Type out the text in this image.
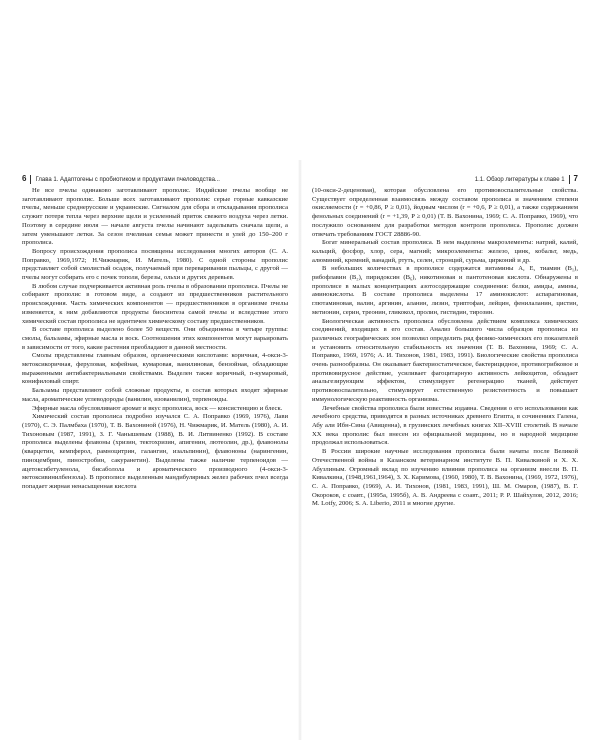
6 Глава 1. Адаптогены с пробиотиком и продуктами пчеловодства...

Не все пчелы одинаково заготавливают прополис. Индийские пчелы вообще не заготавливают прополис. Больше всех заготавливают прополис серые горные кавказские пчелы, меньше среднерусские и украинские. Сигналом для сбора и откладывания прополиса служит потеря тепла через верхние щели и усиленный приток свежего воздуха через летки. Поэтому в середине июля — начале августа пчелы начинают заделывать сначала щели, а затем уменьшают летки. За сезон пчелиная семья может принести в улей до 150–200 г прополиса.

Вопросу происхождения прополиса посвящены исследования многих авторов (С. А. Поправко, 1969,1972; Н.Чижмарик, И. Матель, 1980). С одной стороны прополис представляет собой смолистый осадок, получаемый при переваривании пыльцы, с другой — пчелы могут собирать его с почек тополя, березы, ольхи и других деревьев.

В любом случае подчеркивается активная роль пчелы в образовании прополиса. Пчелы не собирают прополис в готовом виде, а создают из предшественников растительного происхождения. Часть химических компонентов — предшественников в организме пчелы изменяется, к ним добавляются продукты биосинтеза самой пчелы и вследствие этого химический состав прополиса не идентичен химическому составу предшественников.

В составе прополиса выделено более 50 веществ. Они объединены в четыре группы: смолы, бальзамы, эфирные масла и воск. Соотношения этих компонентов могут варьировать в зависимости от того, какие растения преобладают в данной местности.

Смолы представлены главным образом, органическими кислотами: коричная, 4-окси-3-метоксикоричная, феруловая, кофейная, кумаровая, ванилиновая, бензойная, обладающие выраженными антибактериальными свойствами. Выделен также коричный, п-кумаровый, конифиловый спирт.

Бальзамы представляют собой сложные продукты, в состав которых входят эфирные масла, ароматические углеводороды (ванилин, изованилин), терпеноиды.

Эфирные масла обусловливают аромат и вкус прополиса, воск — консистенцию и блеск.

Химический состав прополиса подробно изучался С. А. Поправко (1969, 1976), Лави (1970), С. Э. Палмбаха (1970), Т. В. Вахониной (1976), Н. Чижмарик, И. Матель (1980), А. И. Тихоновым (1987, 1991), З. Г. Чанышевым (1988), В. И. Литвиненко (1992). В составе прополиса выделены флавоны (хризин, тектохризин, апигенин, лютеолин, др.), флавонолы (кварцетин, кемпферол, рамноцитрин, галангин, изальпинин), флавононы (нарингенин, пиноцембрин, пиностробин, сакуранетин). Выделены также наличие терпеноидов — ацетоксибетуленола, бисаболола и ароматического производного (4-окси-3-метоксивинилбензола). В прополисе выделенным мандибулярных желез рабочих пчел всегда попадает жирная ненасыщенная кислота

1.1. Обзор литературы к главе 1 7

(10-окси-2-деценовая), которая обусловлена его противовоспалительные свойства. Существует определенная взаимосвязь между составом прополиса и значением степени окисляемости (r = +0,86, P ≥ 0,01), йодным числом (r = +0,6, P ≥ 0,01), а также содержанием фенольных соединений (r = +1,39, P ≥ 0,01) (Т. В. Вахонина, 1969; С. А. Поправко, 1969), что послужило основанием для разработки методов контроля прополиса. Прополис должен отвечать требованиям ГОСТ 28886-90.

Богат минеральный состав прополиса. В нем выделены макроэлементы: натрий, калий, кальций, фосфор, хлор, сера, магний; микроэлементы: железо, цинк, кобальт, медь, алюминий, кремний, ванадий, ртуть, селен, стронций, сурьма, цирконий и др.

В небольших количествах в прополисе содержатся витамины А, Е, тиамин (В₁), рибофлавин (В₂), пиридоксин (В₆), никотиновая и пантотеновая кислота. Обнаружены в прополисе в малых концентрациях азотосодержащие соединения: белки, амиды, амины, аминокислоты. В составе прополиса выделены 17 аминокислот: аспарагиновая, глютаминовая, валин, аргинин, аланин, лизин, триптофан, лейцин, фенилаланин, цистин, метионин, серин, треонин, гликокол, пролин, гистидин, тирозин.

Биологическая активность прополиса обусловлена действием комплекса химических соединений, входящих в его состав. Анализ большого числа образцов прополиса из различных географических зон позволил определить ряд физико-химических его показателей и установить относительную стабильность их значения (Т. В. Вахонина, 1969; С. А. Поправко, 1969, 1976; А. И. Тихонов, 1981, 1983, 1991). Биологические свойства прополиса очень разнообразны. Он оказывает бактериостатическое, бактерицидное, противогрибковое и противовирусное действие, усиливает фагоцитарную активность лейкоцитов, обладает анальгезирующим эффектом, стимулирует регенерацию тканей, действует противовоспалительно, стимулирует естественную резистентность и повышает иммунологическую реактивность организма.

Лечебные свойства прополиса были известны издавна. Сведения о его использовании как лечебного средства, приводятся в разных источниках древнего Египта, в сочинениях Галена, Абу али Ибн-Сина (Авиценна), в грузинских лечебных книгах XII–XVIII столетий. В начале XX века прополис был внесен из официальной медицины, но в народной медицине продолжал использоваться.

В России широкие научные исследования прополиса были начаты после Великой Отечественной войны в Казанском ветеринарном институте В. П. Кивалкиной и Х. Х. Абузлиным. Огромный вклад по изучению влияния прополиса на организм внесли В. П. Кивалкина, (1948,1961,1964), З. Х. Каримова, (1960, 1980), Т. В. Вахонина, (1969, 1972, 1976), С. А. Поправко, (1969), А. И. Тихонов, (1981, 1983, 1991), Ш. М. Омаров, (1987), В. Г. Окороков, с соавт., (1995а, 1995б), А. В. Андреева с соавт., 2011; Р. Р. Шайхулов, 2012, 2016; M. Lotfy, 2006; S. A. Liberio, 2011 и многие другие.
